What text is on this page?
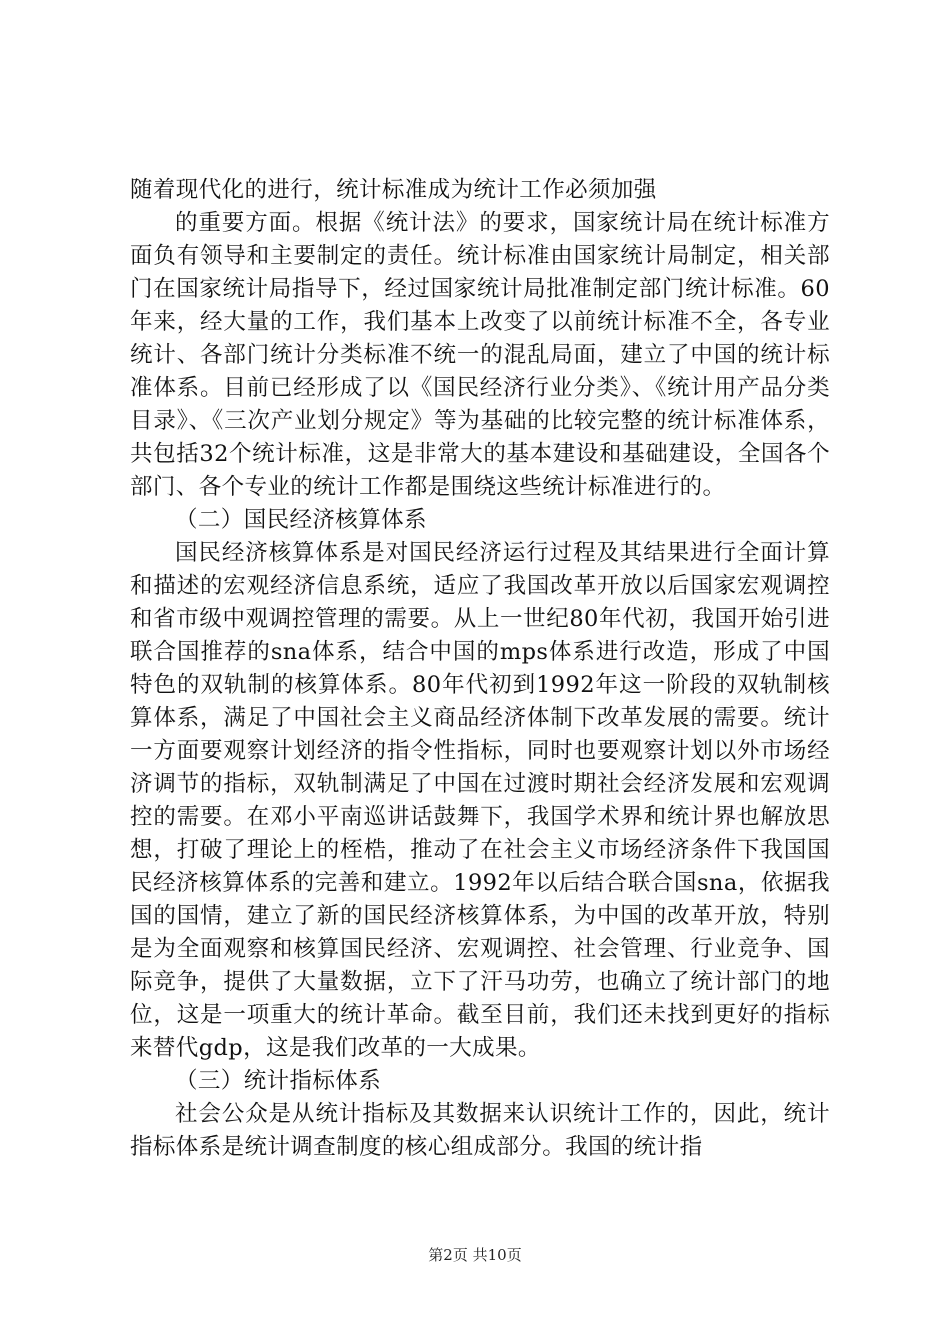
随着现代化的进行，统计标准成为统计工作必须加强

的重要方面。根据《统计法》的要求，国家统计局在统计标准方面负有领导和主要制定的责任。统计标准由国家统计局制定，相关部门在国家统计局指导下，经过国家统计局批准制定部门统计标准。60年来，经大量的工作，我们基本上改变了以前统计标准不全，各专业统计、各部门统计分类标准不统一的混乱局面，建立了中国的统计标准体系。目前已经形成了以《国民经济行业分类》、《统计用产品分类目录》、《三次产业划分规定》等为基础的比较完整的统计标准体系，共包括32个统计标准，这是非常大的基本建设和基础建设，全国各个部门、各个专业的统计工作都是围绕这些统计标准进行的。

（二）国民经济核算体系

国民经济核算体系是对国民经济运行过程及其结果进行全面计算和描述的宏观经济信息系统，适应了我国改革开放以后国家宏观调控和省市级中观调控管理的需要。从上一世纪80年代初，我国开始引进联合国推荐的sna体系，结合中国的mps体系进行改造，形成了中国特色的双轨制的核算体系。80年代初到1992年这一阶段的双轨制核算体系，满足了中国社会主义商品经济体制下改革发展的需要。统计一方面要观察计划经济的指令性指标，同时也要观察计划以外市场经济调节的指标，双轨制满足了中国在过渡时期社会经济发展和宏观调控的需要。在邓小平南巡讲话鼓舞下，我国学术界和统计界也解放思想，打破了理论上的桎梏，推动了在社会主义市场经济条件下我国国民经济核算体系的完善和建立。1992年以后结合联合国sna，依据我国的国情，建立了新的国民经济核算体系，为中国的改革开放，特别是为全面观察和核算国民经济、宏观调控、社会管理、行业竞争、国际竞争，提供了大量数据，立下了汗马功劳，也确立了统计部门的地位，这是一项重大的统计革命。截至目前，我们还未找到更好的指标来替代gdp，这是我们改革的一大成果。

（三）统计指标体系

社会公众是从统计指标及其数据来认识统计工作的，因此，统计指标体系是统计调查制度的核心组成部分。我国的统计指

第2页 共10页
